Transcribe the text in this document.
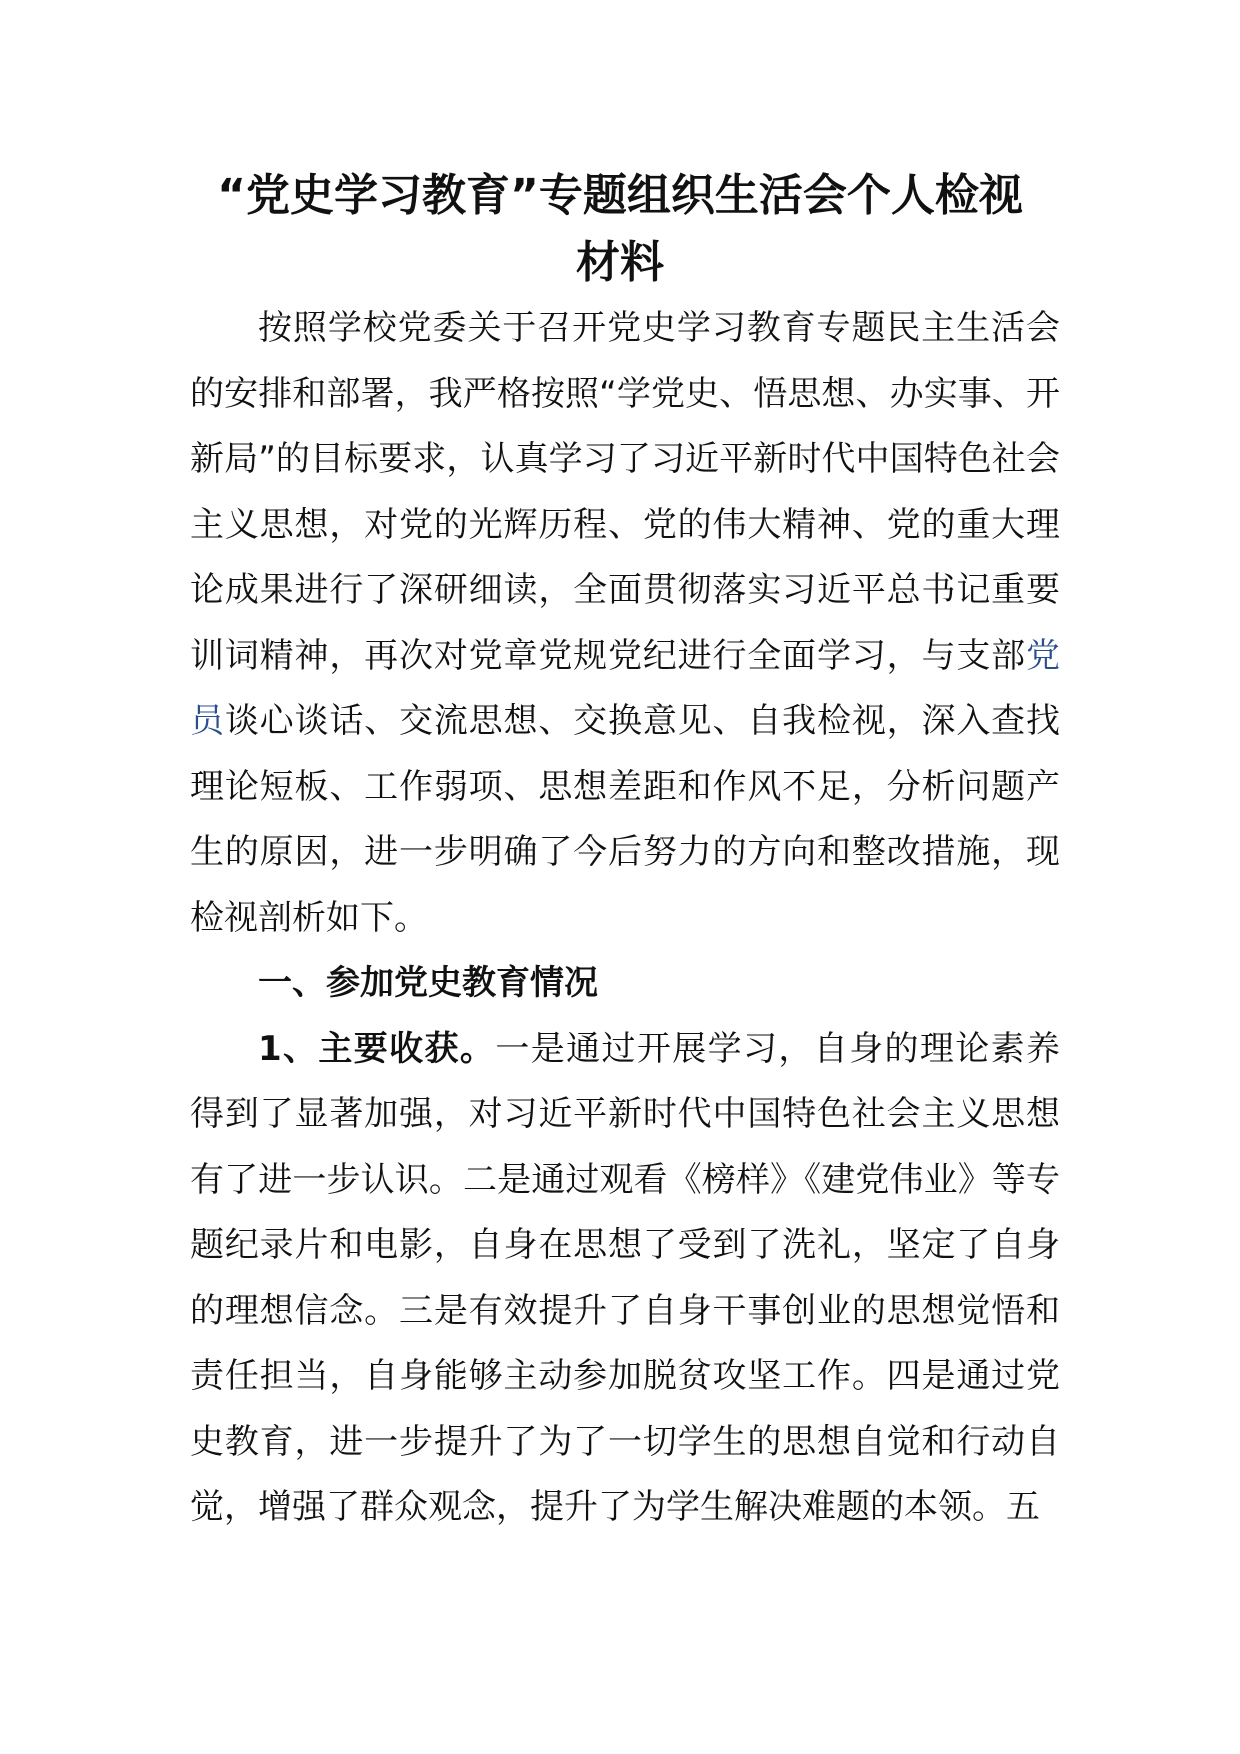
“党史学习教育”专题组织生活会个人检视
材料

按照学校党委关于召开党史学习教育专题民主生活会的安排和部署，我严格按照“学党史、悟思想、办实事、开新局”的目标要求，认真学习了习近平新时代中国特色社会主义思想，对党的光辉历程、党的伟大精神、党的重大理论成果进行了深研细读，全面贯彻落实习近平总书记重要训词精神，再次对党章党规党纪进行全面学习，与支部党员谈心谈话、交流思想、交换意见、自我检视，深入查找理论短板、工作弱项、思想差距和作风不足，分析问题产生的原因，进一步明确了今后努力的方向和整改措施，现检视剖析如下。

一、参加党史教育情况

1、主要收获。一是通过开展学习，自身的理论素养得到了显著加强，对习近平新时代中国特色社会主义思想有了进一步认识。二是通过观看《榜样》《建党伟业》等专题纪录片和电影，自身在思想了受到了洗礼，坚定了自身的理想信念。三是有效提升了自身干事创业的思想觉悟和责任担当，自身能够主动参加脱贫攻坚工作。四是通过党史教育，进一步提升了为了一切学生的思想自觉和行动自觉，增强了群众观念，提升了为学生解决难题的本领。五
